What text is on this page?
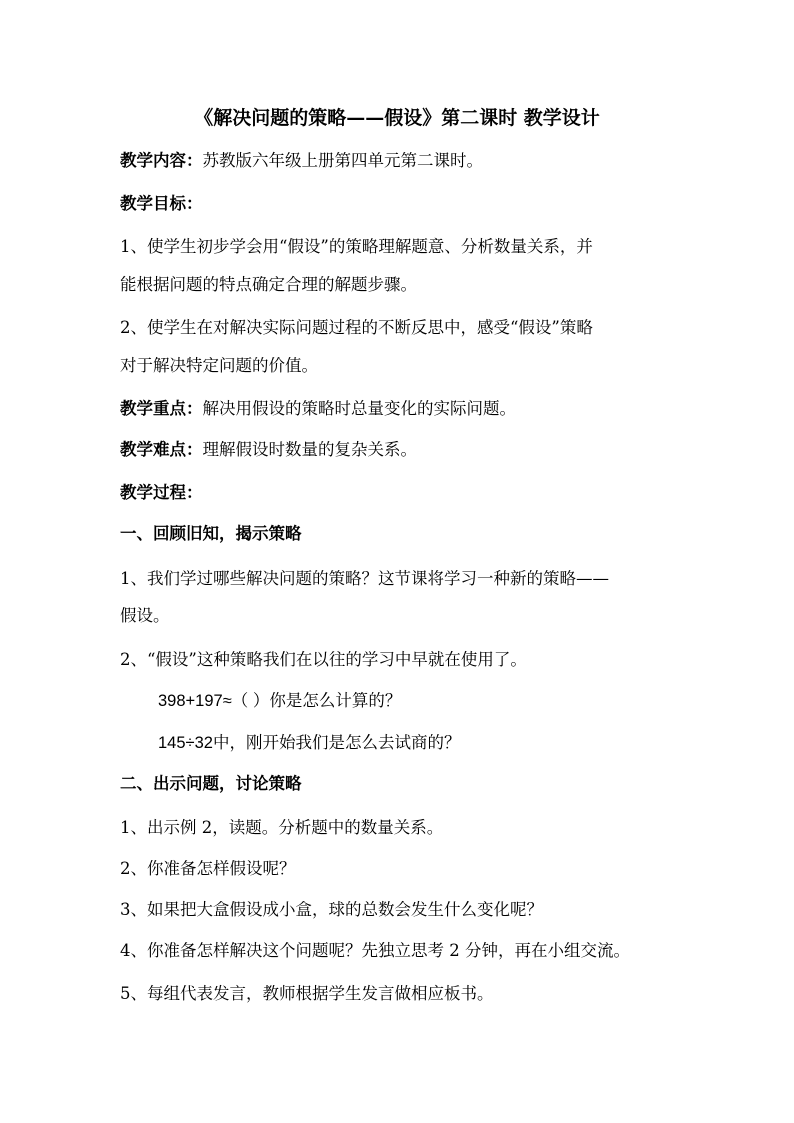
《解决问题的策略——假设》第二课时 教学设计
教学内容：苏教版六年级上册第四单元第二课时。
教学目标：
1、使学生初步学会用“假设”的策略理解题意、分析数量关系，并
能根据问题的特点确定合理的解题步骤。
2、使学生在对解决实际问题过程的不断反思中，感受“假设”策略
对于解决特定问题的价值。
教学重点：解决用假设的策略时总量变化的实际问题。
教学难点：理解假设时数量的复杂关系。
教学过程：
一、回顾旧知，揭示策略
1、我们学过哪些解决问题的策略？这节课将学习一种新的策略——
假设。
2、“假设”这种策略我们在以往的学习中早就在使用了。
398+197≈（ ）你是怎么计算的？
145÷32中，刚开始我们是怎么去试商的？
二、出示问题，讨论策略
1、出示例 2，读题。分析题中的数量关系。
2、你准备怎样假设呢？
3、如果把大盒假设成小盒，球的总数会发生什么变化呢？
4、你准备怎样解决这个问题呢？先独立思考 2 分钟，再在小组交流。
5、每组代表发言，教师根据学生发言做相应板书。
